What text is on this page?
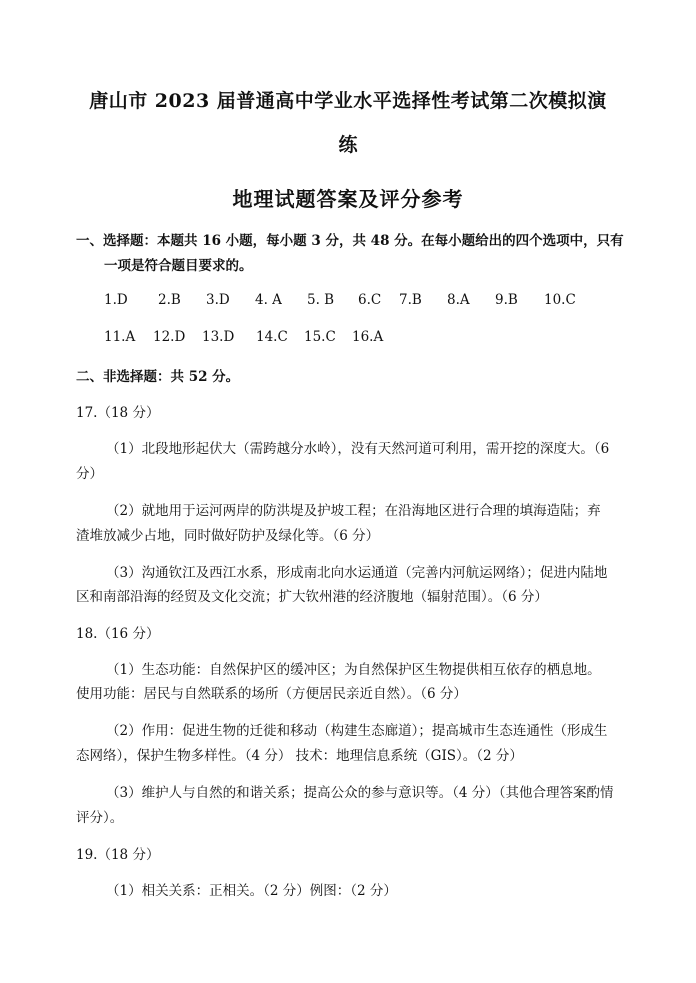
唐山市 2023 届普通高中学业水平选择性考试第二次模拟演
练
地理试题答案及评分参考
一、选择题：本题共 16 小题，每小题 3 分，共 48 分。在每小题给出的四个选项中，只有
一项是符合题目要求的。
1.D 2.B 3.D 4. A 5. B 6.C 7.B 8.A 9.B 10.C
11.A 12.D 13.D 14.C 15.C 16.A
二、非选择题：共 52 分。
17.（18 分）
（1）北段地形起伏大（需跨越分水岭），没有天然河道可利用，需开挖的深度大。（6
分）
（2）就地用于运河两岸的防洪堤及护坡工程；在沿海地区进行合理的填海造陆；弃
渣堆放减少占地，同时做好防护及绿化等。（6 分）
（3）沟通钦江及西江水系，形成南北向水运通道（完善内河航运网络）；促进内陆地
区和南部沿海的经贸及文化交流；扩大钦州港的经济腹地（辐射范围）。（6 分）
18.（16 分）
（1）生态功能：自然保护区的缓冲区；为自然保护区生物提供相互依存的栖息地。
使用功能：居民与自然联系的场所（方便居民亲近自然）。（6 分）
（2）作用：促进生物的迁徙和移动（构建生态廊道）；提高城市生态连通性（形成生
态网络），保护生物多样性。（4 分） 技术：地理信息系统（GIS）。（2 分）
（3）维护人与自然的和谐关系；提高公众的参与意识等。（4 分）（其他合理答案酌情
评分）。
19.（18 分）
（1）相关关系：正相关。（2 分）例图：（2 分）
